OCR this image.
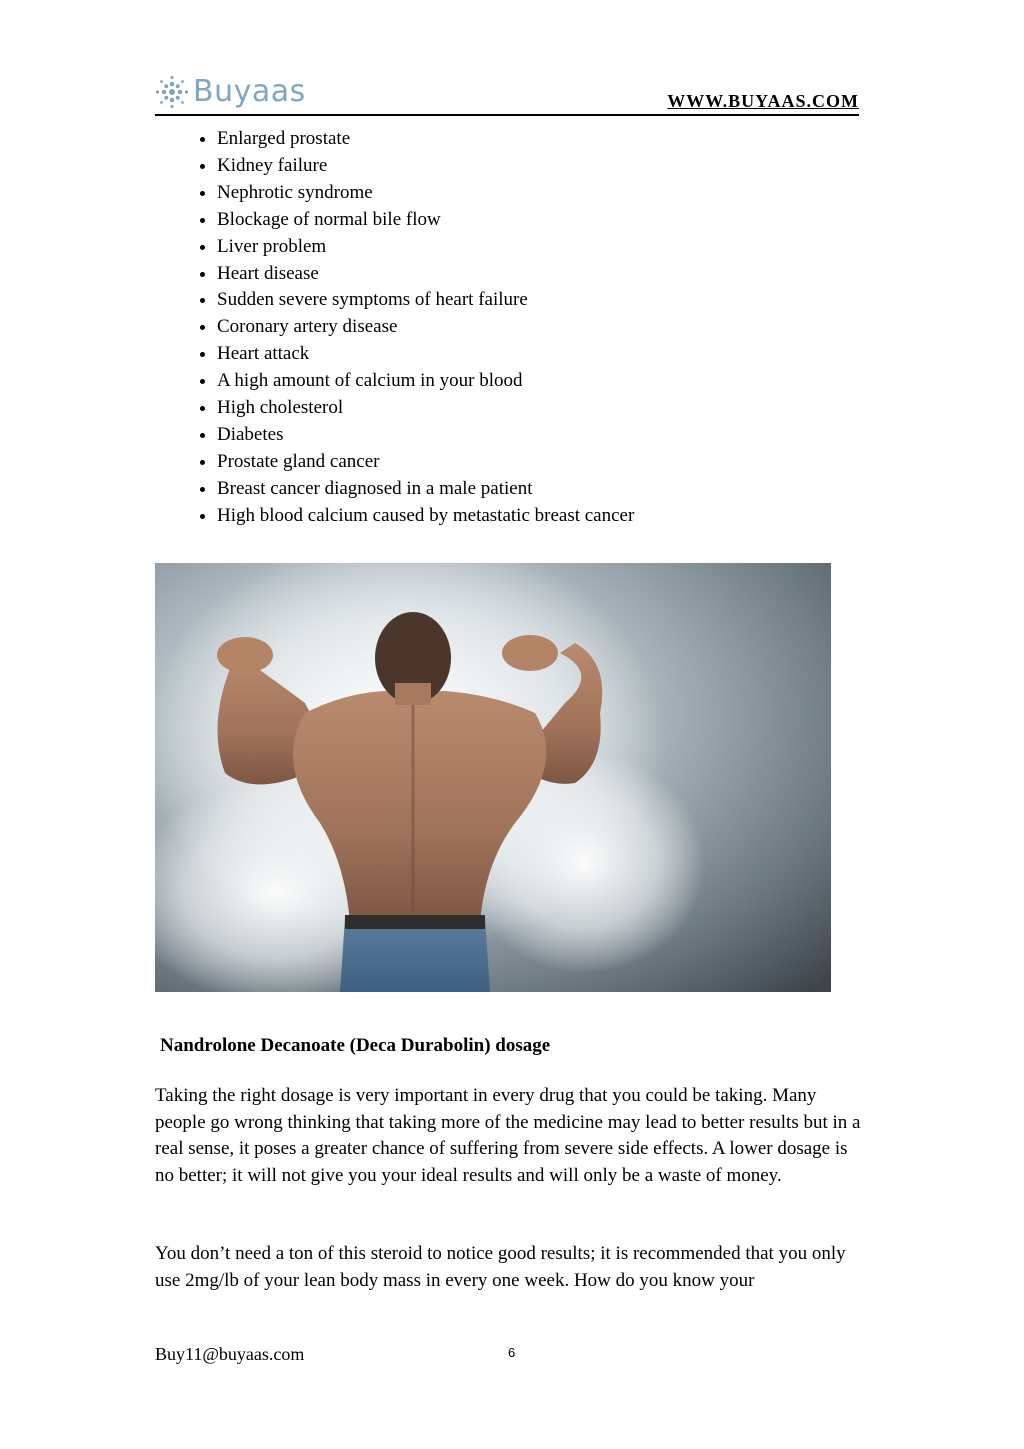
Buyaas	WWW.BUYAAS.COM
• Enlarged prostate
• Kidney failure
• Nephrotic syndrome
• Blockage of normal bile flow
• Liver problem
• Heart disease
• Sudden severe symptoms of heart failure
• Coronary artery disease
• Heart attack
• A high amount of calcium in your blood
• High cholesterol
• Diabetes
• Prostate gland cancer
• Breast cancer diagnosed in a male patient
• High blood calcium caused by metastatic breast cancer

Nandrolone Decanoate (Deca Durabolin) dosage

Taking the right dosage is very important in every drug that you could be taking. Many people go wrong thinking that taking more of the medicine may lead to better results but in a real sense, it poses a greater chance of suffering from severe side effects. A lower dosage is no better; it will not give you your ideal results and will only be a waste of money.

You don’t need a ton of this steroid to notice good results; it is recommended that you only use 2mg/lb of your lean body mass in every one week. How do you know your

Buy11@buyaas.com	6
